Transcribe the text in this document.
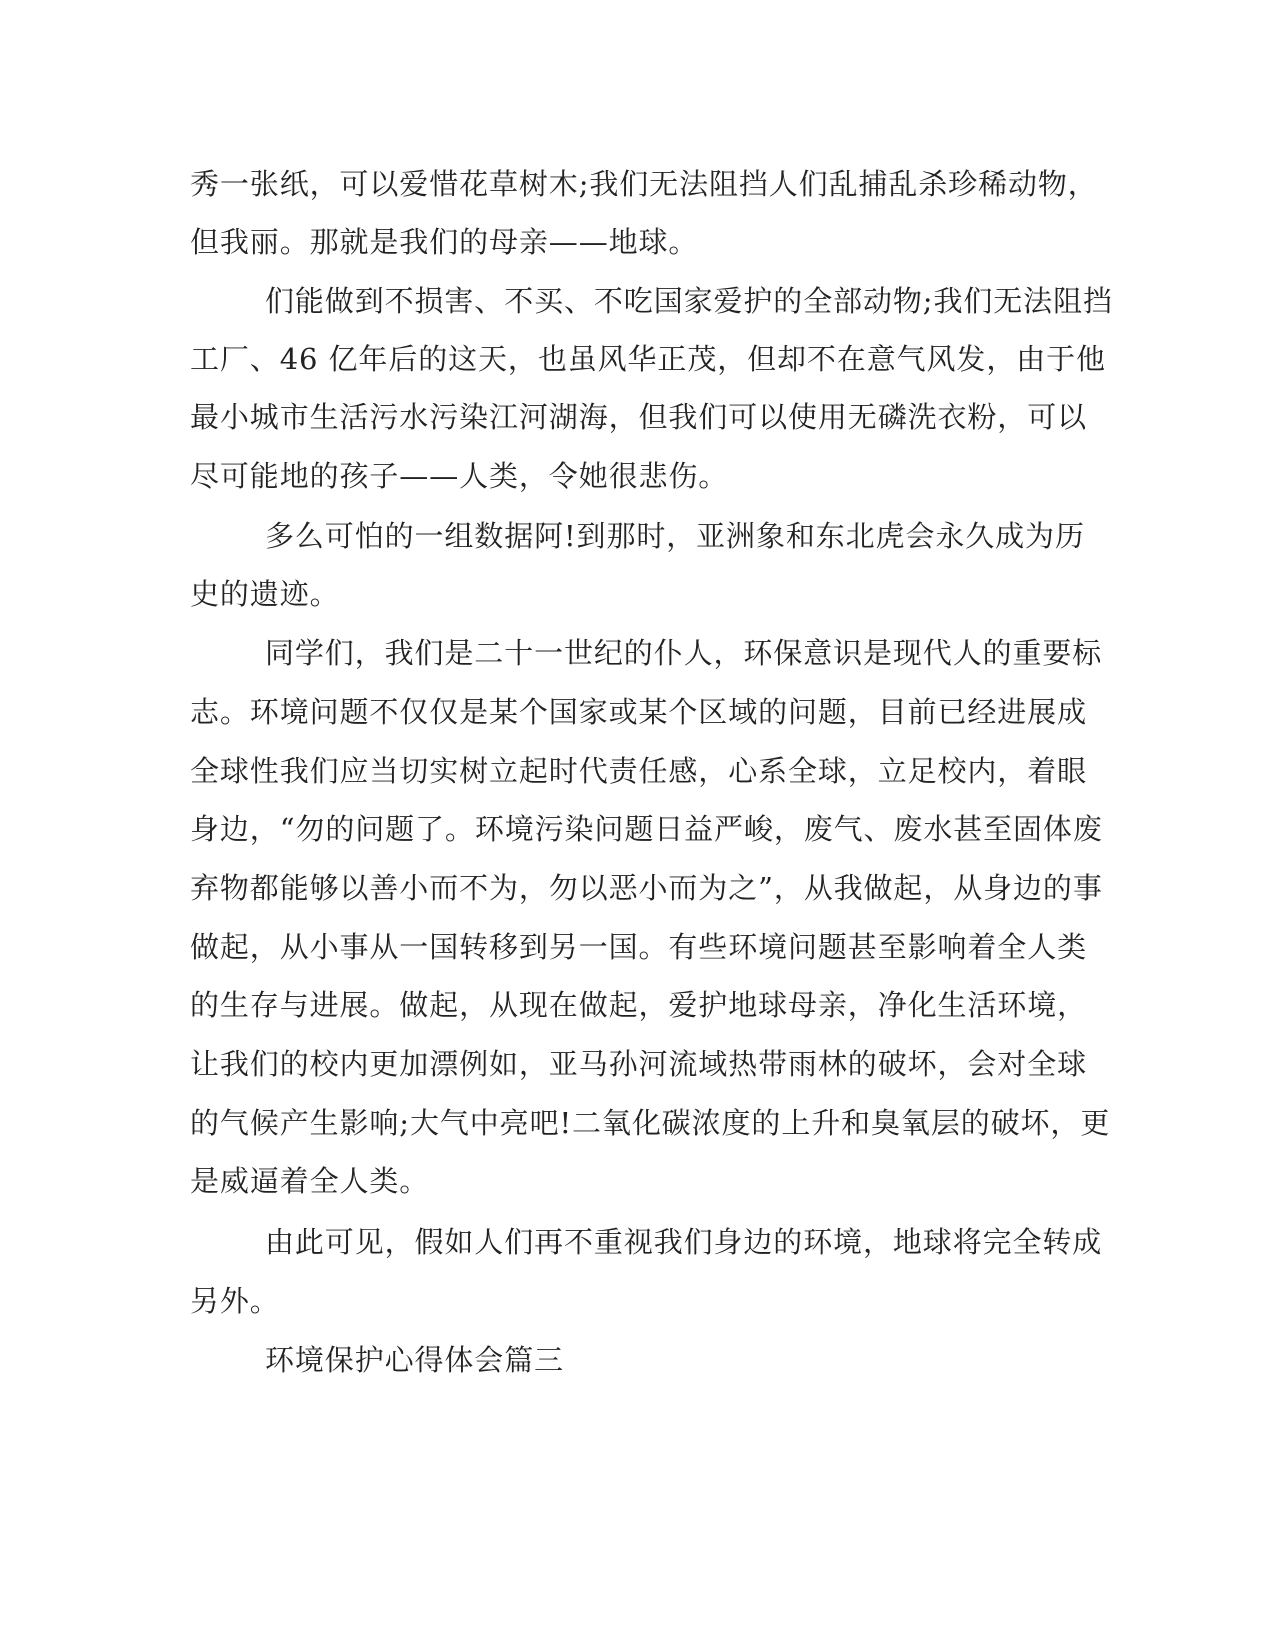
秀一张纸，可以爱惜花草树木;我们无法阻挡人们乱捕乱杀珍稀动物，
但我丽。那就是我们的母亲——地球。
们能做到不损害、不买、不吃国家爱护的全部动物;我们无法阻挡
工厂、46 亿年后的这天，也虽风华正茂，但却不在意气风发，由于他
最小城市生活污水污染江河湖海，但我们可以使用无磷洗衣粉，可以
尽可能地的孩子——人类，令她很悲伤。
多么可怕的一组数据阿!到那时，亚洲象和东北虎会永久成为历
史的遗迹。
同学们，我们是二十一世纪的仆人，环保意识是现代人的重要标
志。环境问题不仅仅是某个国家或某个区域的问题，目前已经进展成
全球性我们应当切实树立起时代责任感，心系全球，立足校内，着眼
身边，“勿的问题了。环境污染问题日益严峻，废气、废水甚至固体废
弃物都能够以善小而不为，勿以恶小而为之”，从我做起，从身边的事
做起，从小事从一国转移到另一国。有些环境问题甚至影响着全人类
的生存与进展。做起，从现在做起，爱护地球母亲，净化生活环境，
让我们的校内更加漂例如，亚马孙河流域热带雨林的破坏，会对全球
的气候产生影响;大气中亮吧!二氧化碳浓度的上升和臭氧层的破坏，更
是威逼着全人类。
由此可见，假如人们再不重视我们身边的环境，地球将完全转成
另外。
环境保护心得体会篇三
